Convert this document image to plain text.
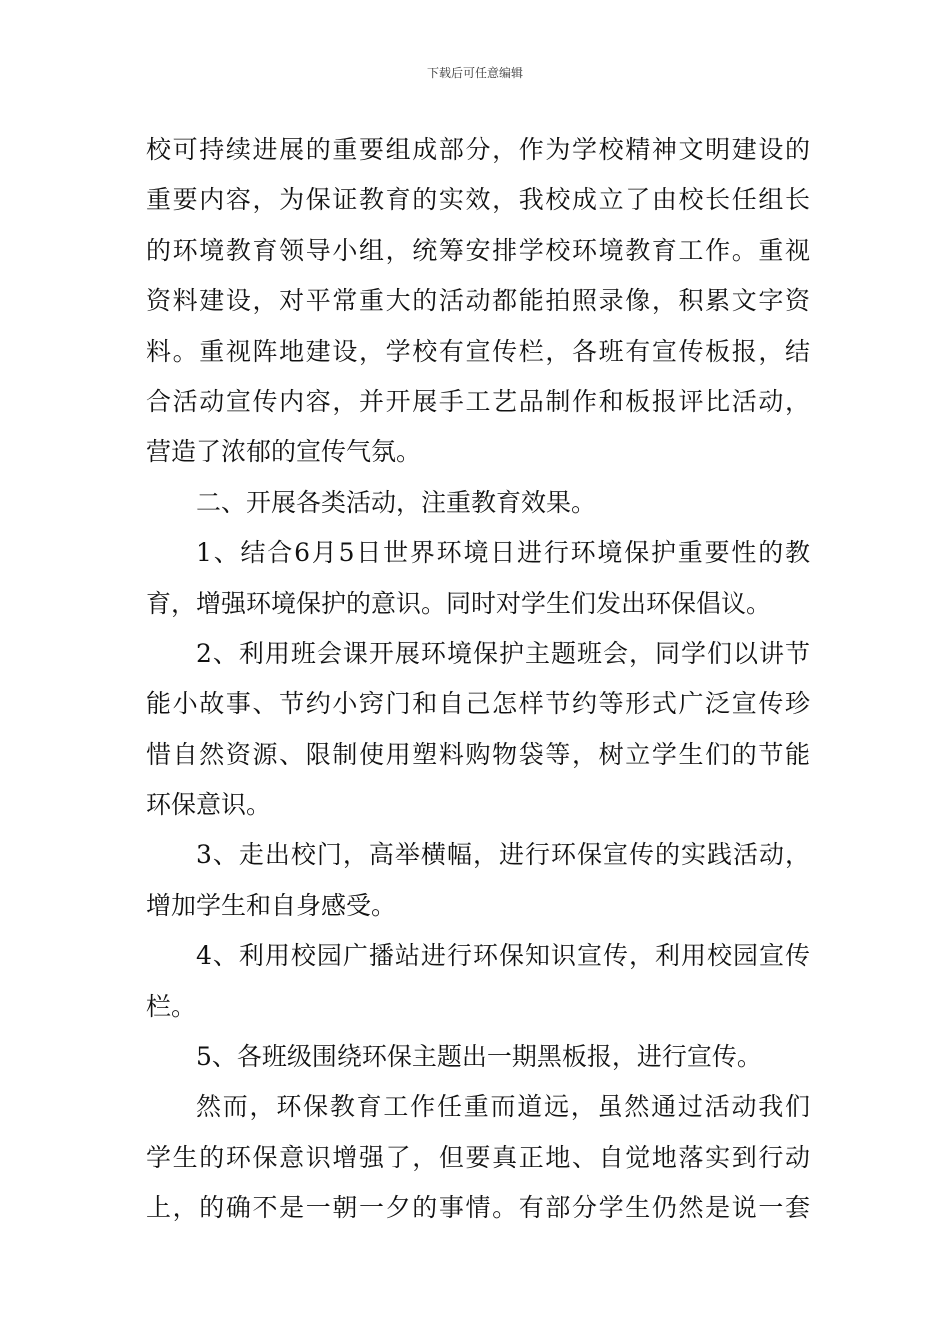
下载后可任意编辑
校可持续进展的重要组成部分，作为学校精神文明建设的
重要内容，为保证教育的实效，我校成立了由校长任组长
的环境教育领导小组，统筹安排学校环境教育工作。重视
资料建设，对平常重大的活动都能拍照录像，积累文字资
料。重视阵地建设，学校有宣传栏，各班有宣传板报，结
合活动宣传内容，并开展手工艺品制作和板报评比活动，
营造了浓郁的宣传气氛。
二、开展各类活动，注重教育效果。
1、结合6月5日世界环境日进行环境保护重要性的教
育，增强环境保护的意识。同时对学生们发出环保倡议。
2、利用班会课开展环境保护主题班会，同学们以讲节
能小故事、节约小窍门和自己怎样节约等形式广泛宣传珍
惜自然资源、限制使用塑料购物袋等，树立学生们的节能
环保意识。
3、走出校门，高举横幅，进行环保宣传的实践活动，
增加学生和自身感受。
4、利用校园广播站进行环保知识宣传，利用校园宣传
栏。
5、各班级围绕环保主题出一期黑板报，进行宣传。
然而，环保教育工作任重而道远，虽然通过活动我们
学生的环保意识增强了，但要真正地、自觉地落实到行动
上，的确不是一朝一夕的事情。有部分学生仍然是说一套
